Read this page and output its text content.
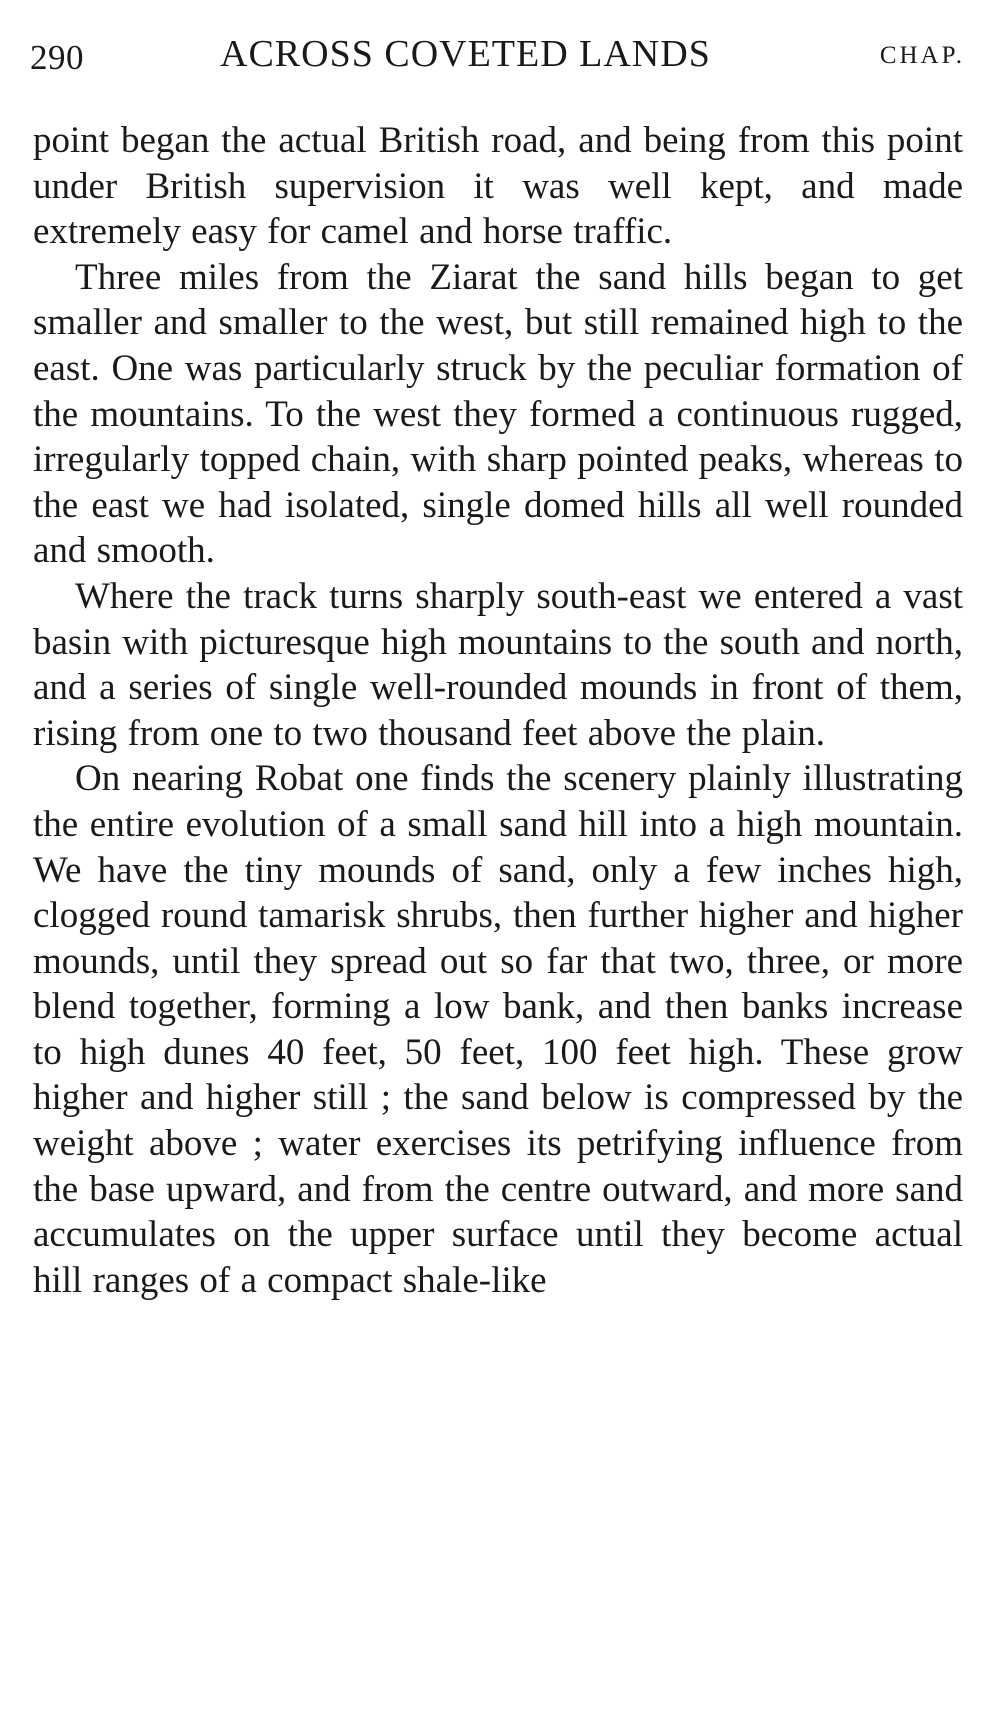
290	ACROSS COVETED LANDS	CHAP.

point began the actual British road, and being from this point under British supervision it was well kept, and made extremely easy for camel and horse traffic.

Three miles from the Ziarat the sand hills began to get smaller and smaller to the west, but still remained high to the east. One was particularly struck by the peculiar formation of the mountains. To the west they formed a continuous rugged, irregularly topped chain, with sharp pointed peaks, whereas to the east we had isolated, single domed hills all well rounded and smooth.

Where the track turns sharply south-east we entered a vast basin with picturesque high mountains to the south and north, and a series of single well-rounded mounds in front of them, rising from one to two thousand feet above the plain.

On nearing Robat one finds the scenery plainly illustrating the entire evolution of a small sand hill into a high mountain. We have the tiny mounds of sand, only a few inches high, clogged round tamarisk shrubs, then further higher and higher mounds, until they spread out so far that two, three, or more blend together, forming a low bank, and then banks increase to high dunes 40 feet, 50 feet, 100 feet high. These grow higher and higher still ; the sand below is compressed by the weight above ; water exercises its petrifying influence from the base upward, and from the centre outward, and more sand accumulates on the upper surface until they become actual hill ranges of a compact shale-like
